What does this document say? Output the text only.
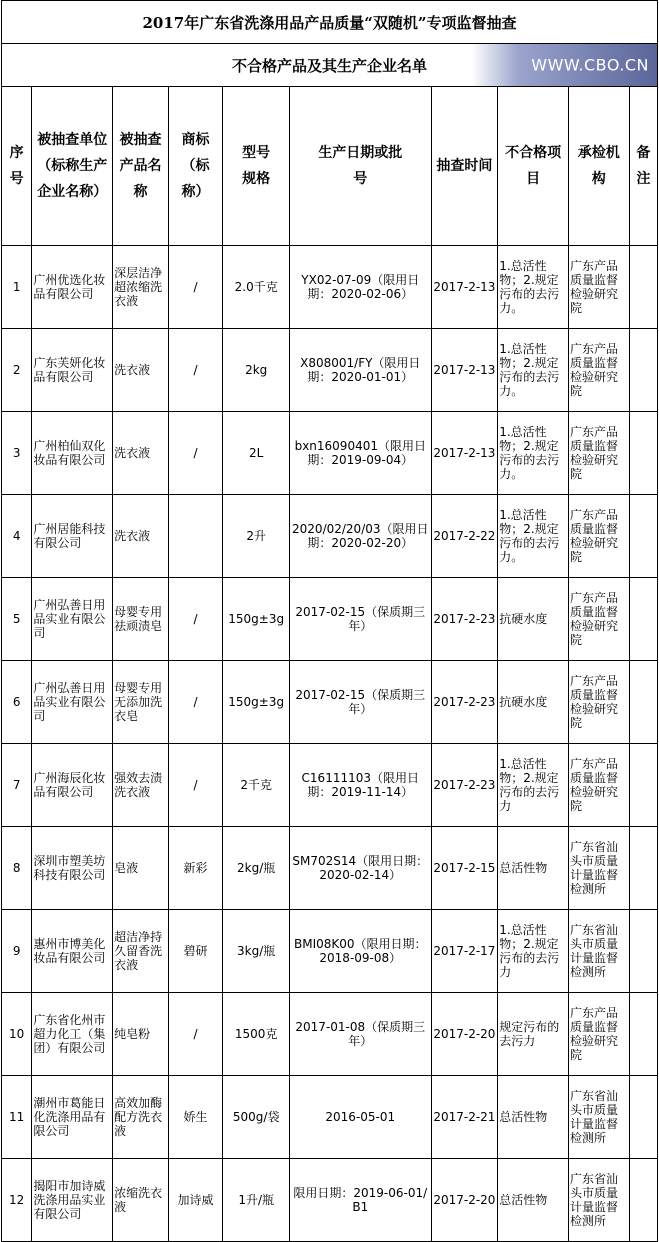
2017年广东省洗涤用品产品质量“双随机”专项监督抽查									
不合格产品及其生产企业名单 WWW.CBO.CN									

序号	被抽查单位（标称生产企业名称）	被抽查产品名称	商标（标称）	型号规格	生产日期或批号	抽查时间	不合格项目	承检机构	备注

1	广州优选化妆品有限公司	深层洁净超浓缩洗衣液	/	2.0千克	YX02-07-09（限用日期：2020-02-06）	2017-2-13	1.总活性物；2.规定污布的去污力。	广东产品质量监督检验研究院	

2	广东芙妍化妆品有限公司	洗衣液	/	2kg	X808001/FY（限用日期：2020-01-01）	2017-2-13	1.总活性物；2.规定污布的去污力。	广东产品质量监督检验研究院	

3	广州柏仙双化妆品有限公司	洗衣液	/	2L	bxn16090401（限用日期：2019-09-04）	2017-2-13	1.总活性物；2.规定污布的去污力。	广东产品质量监督检验研究院	

4	广州居能科技有限公司	洗衣液		2升	2020/02/20/03（限用日期：2020-02-20）	2017-2-22	1.总活性物；2.规定污布的去污力。	广东产品质量监督检验研究院	

5	广州弘善日用品实业有限公司	母婴专用祛顽渍皂	/	150g±3g	2017-02-15（保质期三年）	2017-2-23	抗硬水度	广东产品质量监督检验研究院	

6	广州弘善日用品实业有限公司	母婴专用无添加洗衣皂	/	150g±3g	2017-02-15（保质期三年）	2017-2-23	抗硬水度	广东产品质量监督检验研究院	

7	广州海辰化妆品有限公司	强效去渍洗衣液	/	2千克	C16111103（限用日期：2019-11-14）	2017-2-23	1.总活性物；2.规定污布的去污力	广东产品质量监督检验研究院	

8	深圳市塑美坊科技有限公司	皂液	新彩	2kg/瓶	SM702S14（限用日期：2020-02-14）	2017-2-15	总活性物	广东省汕头市质量计量监督检测所	

9	惠州市博美化妆品有限公司	超洁净持久留香洗衣液	碧研	3kg/瓶	BMI08K00（限用日期：2018-09-08）	2017-2-17	1.总活性物；2.规定污布的去污力	广东省汕头市质量计量监督检测所	

10	广东省化州市超力化工（集团）有限公司	纯皂粉	/	1500克	2017-01-08（保质期三年）	2017-2-20	规定污布的去污力	广东产品质量监督检验研究院	

11	潮州市葛能日化洗涤用品有限公司	高效加酶配方洗衣液	娇生	500g/袋	2016-05-01	2017-2-21	总活性物	广东省汕头市质量计量监督检测所	

12	揭阳市加诗威洗涤用品实业有限公司	浓缩洗衣液	加诗威	1升/瓶	限用日期：2019-06-01/B1	2017-2-20	总活性物	广东省汕头市质量计量监督检测所	
